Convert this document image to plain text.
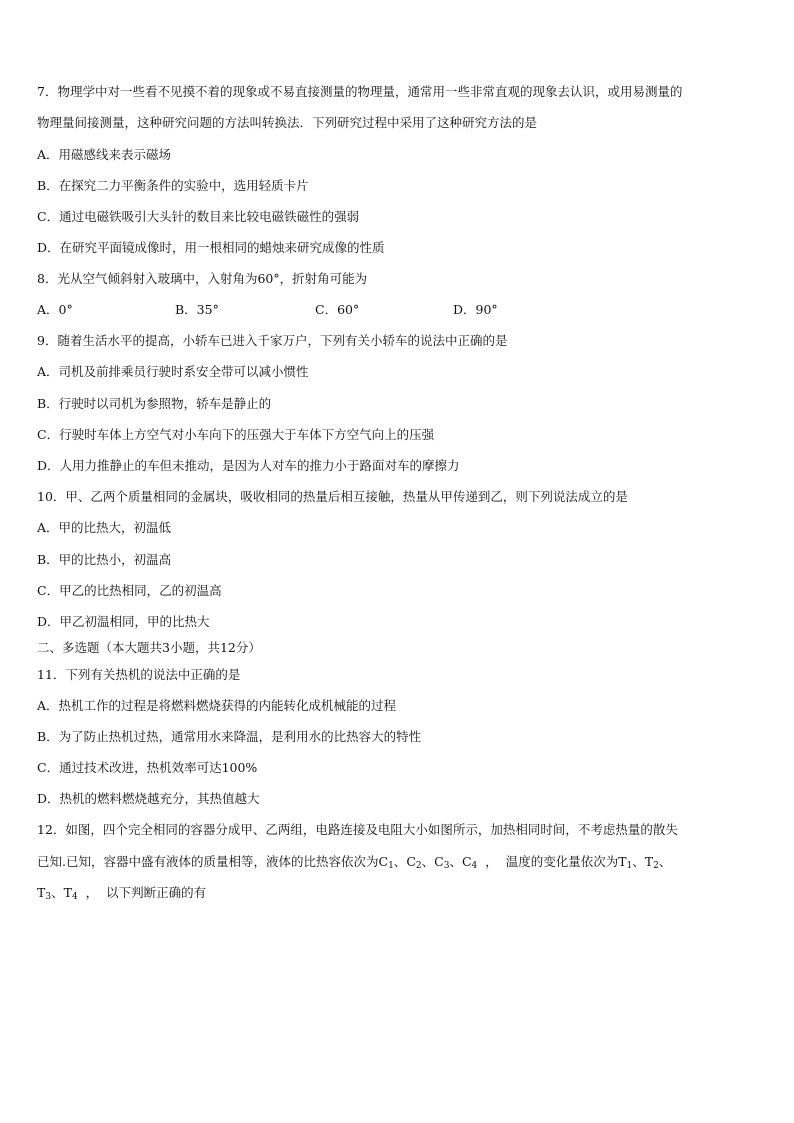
7．物理学中对一些看不见摸不着的现象或不易直接测量的物理量，通常用一些非常直观的现象去认识，或用易测量的
物理量间接测量，这种研究问题的方法叫转换法．下列研究过程中采用了这种研究方法的是
A．用磁感线来表示磁场
B．在探究二力平衡条件的实验中，选用轻质卡片
C．通过电磁铁吸引大头针的数目来比较电磁铁磁性的强弱
D．在研究平面镜成像时，用一根相同的蜡烛来研究成像的性质
8．光从空气倾斜射入玻璃中，入射角为60°，折射角可能为
A．0°	B．35°	C．60°	D．90°
9．随着生活水平的提高，小轿车已进入千家万户，下列有关小轿车的说法中正确的是
A．司机及前排乘员行驶时系安全带可以减小惯性
B．行驶时以司机为参照物，轿车是静止的
C．行驶时车体上方空气对小车向下的压强大于车体下方空气向上的压强
D．人用力推静止的车但未推动，是因为人对车的推力小于路面对车的摩擦力
10．甲、乙两个质量相同的金属块，吸收相同的热量后相互接触，热量从甲传递到乙，则下列说法成立的是
A．甲的比热大，初温低
B．甲的比热小，初温高
C．甲乙的比热相同，乙的初温高
D．甲乙初温相同，甲的比热大
二、多选题（本大题共3小题，共12分）
11．下列有关热机的说法中正确的是
A．热机工作的过程是将燃料燃烧获得的内能转化成机械能的过程
B．为了防止热机过热，通常用水来降温，是利用水的比热容大的特性
C．通过技术改进，热机效率可达100%
D．热机的燃料燃烧越充分，其热值越大
12．如图，四个完全相同的容器分成甲、乙两组，电路连接及电阻大小如图所示，加热相同时间，不考虑热量的散失
已知.已知，容器中盛有液体的质量相等，液体的比热容依次为$C_1$、$C_2$、$C_3$、$C_4$  ，  温度的变化量依次为$T_1$、$T_2$、
$T_3$、$T_4$  ，  以下判断正确的有
